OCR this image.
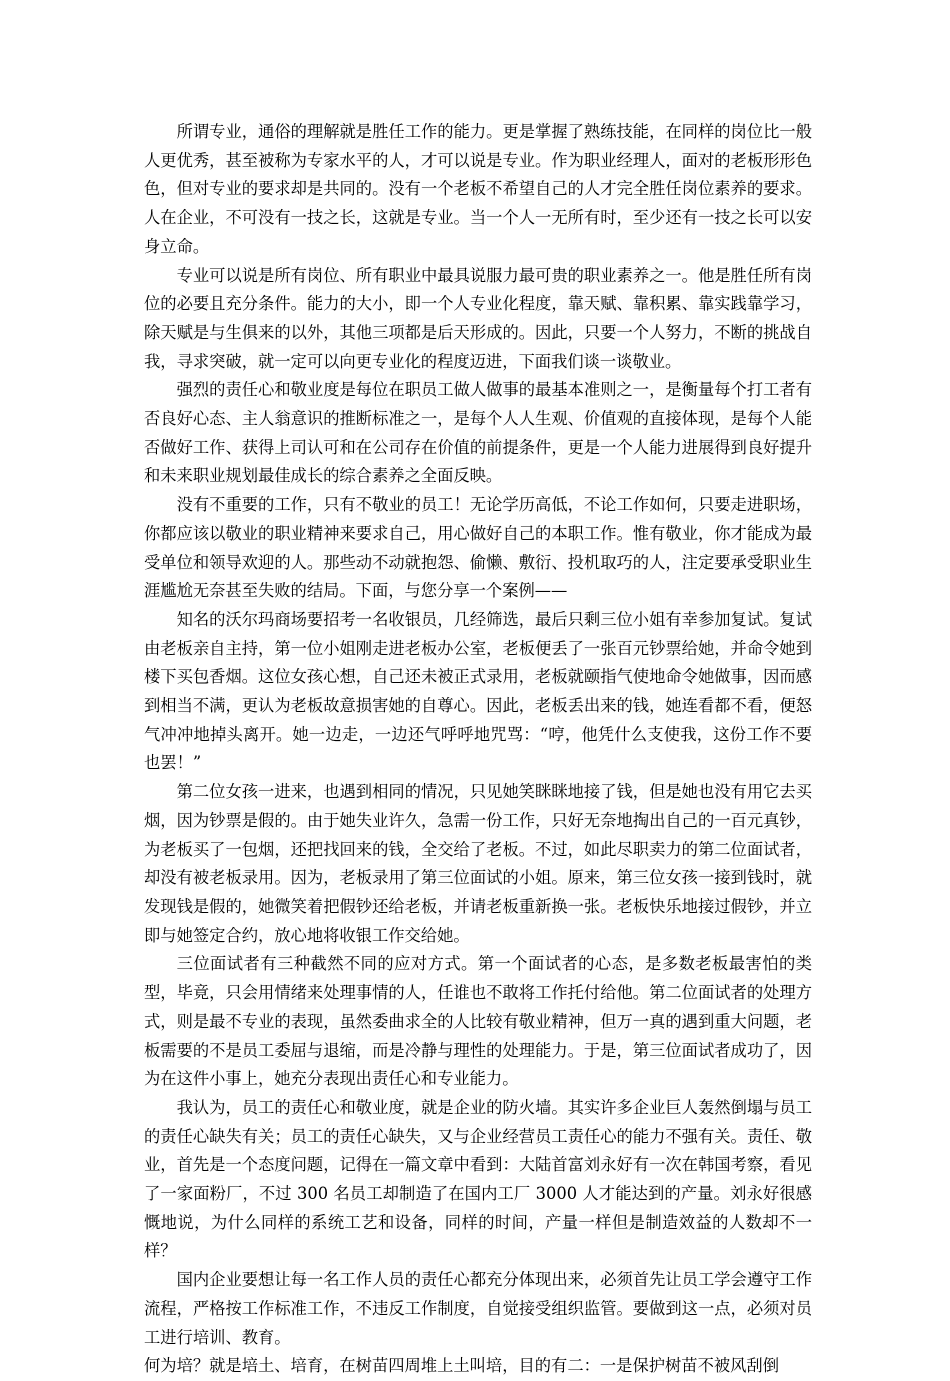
所谓专业，通俗的理解就是胜任工作的能力。更是掌握了熟练技能，在同样的岗位比一般人更优秀，甚至被称为专家水平的人，才可以说是专业。作为职业经理人，面对的老板形形色色，但对专业的要求却是共同的。没有一个老板不希望自己的人才完全胜任岗位素养的要求。人在企业，不可没有一技之长，这就是专业。当一个人一无所有时，至少还有一技之长可以安身立命。

专业可以说是所有岗位、所有职业中最具说服力最可贵的职业素养之一。他是胜任所有岗位的必要且充分条件。能力的大小，即一个人专业化程度，靠天赋、靠积累、靠实践靠学习，除天赋是与生俱来的以外，其他三项都是后天形成的。因此，只要一个人努力，不断的挑战自我，寻求突破，就一定可以向更专业化的程度迈进，下面我们谈一谈敬业。

强烈的责任心和敬业度是每位在职员工做人做事的最基本准则之一，是衡量每个打工者有否良好心态、主人翁意识的推断标准之一，是每个人人生观、价值观的直接体现，是每个人能否做好工作、获得上司认可和在公司存在价值的前提条件，更是一个人能力进展得到良好提升和未来职业规划最佳成长的综合素养之全面反映。

没有不重要的工作，只有不敬业的员工！无论学历高低，不论工作如何，只要走进职场，你都应该以敬业的职业精神来要求自己，用心做好自己的本职工作。惟有敬业，你才能成为最受单位和领导欢迎的人。那些动不动就抱怨、偷懒、敷衍、投机取巧的人，注定要承受职业生涯尴尬无奈甚至失败的结局。下面，与您分享一个案例——

知名的沃尔玛商场要招考一名收银员，几经筛选，最后只剩三位小姐有幸参加复试。复试由老板亲自主持，第一位小姐刚走进老板办公室，老板便丢了一张百元钞票给她，并命令她到楼下买包香烟。这位女孩心想，自己还未被正式录用，老板就颐指气使地命令她做事，因而感到相当不满，更认为老板故意损害她的自尊心。因此，老板丢出来的钱，她连看都不看，便怒气冲冲地掉头离开。她一边走，一边还气呼呼地咒骂：“哼，他凭什么支使我，这份工作不要也罢！”

第二位女孩一进来，也遇到相同的情况，只见她笑眯眯地接了钱，但是她也没有用它去买烟，因为钞票是假的。由于她失业许久，急需一份工作，只好无奈地掏出自己的一百元真钞，为老板买了一包烟，还把找回来的钱，全交给了老板。不过，如此尽职卖力的第二位面试者，却没有被老板录用。因为，老板录用了第三位面试的小姐。原来，第三位女孩一接到钱时，就发现钱是假的，她微笑着把假钞还给老板，并请老板重新换一张。老板快乐地接过假钞，并立即与她签定合约，放心地将收银工作交给她。

三位面试者有三种截然不同的应对方式。第一个面试者的心态，是多数老板最害怕的类型，毕竟，只会用情绪来处理事情的人，任谁也不敢将工作托付给他。第二位面试者的处理方式，则是最不专业的表现，虽然委曲求全的人比较有敬业精神，但万一真的遇到重大问题，老板需要的不是员工委屈与退缩，而是冷静与理性的处理能力。于是，第三位面试者成功了，因为在这件小事上，她充分表现出责任心和专业能力。

我认为，员工的责任心和敬业度，就是企业的防火墙。其实许多企业巨人轰然倒塌与员工的责任心缺失有关；员工的责任心缺失，又与企业经营员工责任心的能力不强有关。责任、敬业，首先是一个态度问题，记得在一篇文章中看到：大陆首富刘永好有一次在韩国考察，看见了一家面粉厂，不过 300 名员工却制造了在国内工厂 3000 人才能达到的产量。刘永好很感慨地说，为什么同样的系统工艺和设备，同样的时间，产量一样但是制造效益的人数却不一样？

国内企业要想让每一名工作人员的责任心都充分体现出来，必须首先让员工学会遵守工作流程，严格按工作标准工作，不违反工作制度，自觉接受组织监管。要做到这一点，必须对员工进行培训、教育。

何为培？就是培土、培育，在树苗四周堆上土叫培，目的有二：一是保护树苗不被风刮倒
